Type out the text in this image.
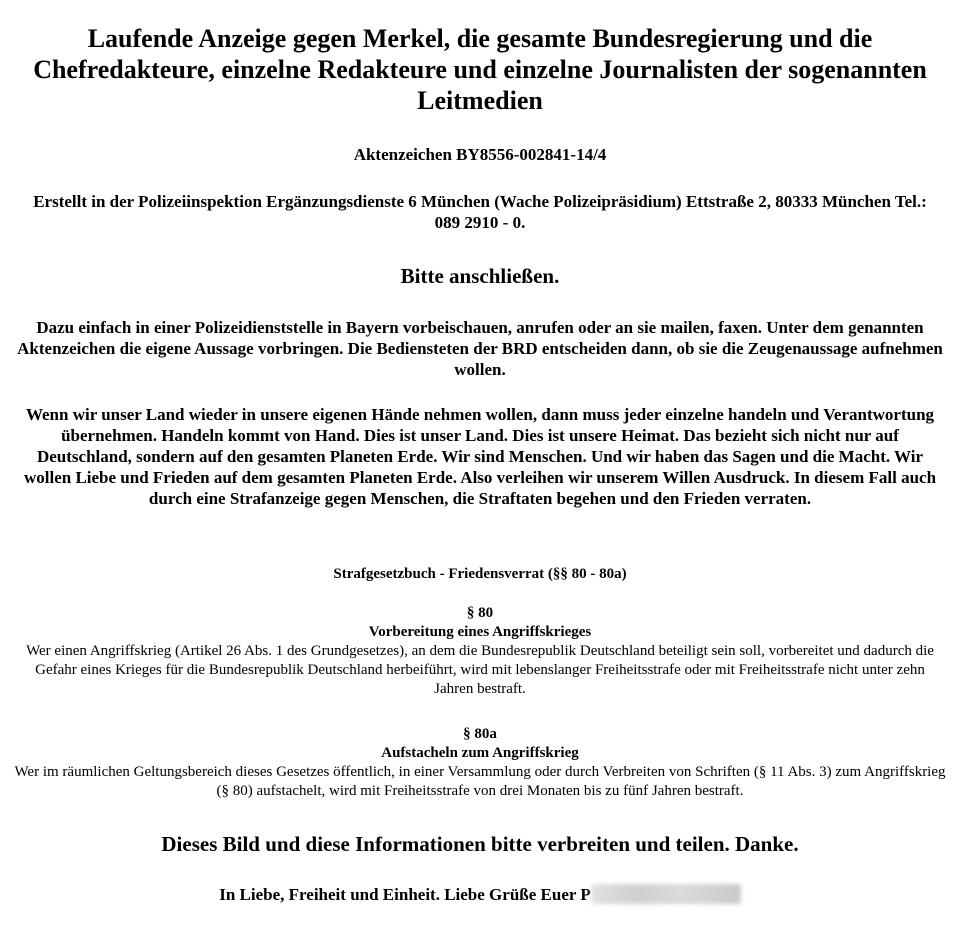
Laufende Anzeige gegen Merkel, die gesamte Bundesregierung und die Chefredakteure, einzelne Redakteure und einzelne Journalisten der sogenannten Leitmedien
Aktenzeichen BY8556-002841-14/4
Erstellt in der Polizeiinspektion Ergänzungsdienste 6 München (Wache Polizeipräsidium) Ettstraße 2, 80333 München Tel.: 089 2910 - 0.
Bitte anschließen.
Dazu einfach in einer Polizeidienststelle in Bayern vorbeischauen, anrufen oder an sie mailen, faxen. Unter dem genannten Aktenzeichen die eigene Aussage vorbringen. Die Bediensteten der BRD entscheiden dann, ob sie die Zeugenaussage aufnehmen wollen.
Wenn wir unser Land wieder in unsere eigenen Hände nehmen wollen, dann muss jeder einzelne handeln und Verantwortung übernehmen. Handeln kommt von Hand. Dies ist unser Land. Dies ist unsere Heimat. Das bezieht sich nicht nur auf Deutschland, sondern auf den gesamten Planeten Erde. Wir sind Menschen. Und wir haben das Sagen und die Macht. Wir wollen Liebe und Frieden auf dem gesamten Planeten Erde. Also verleihen wir unserem Willen Ausdruck. In diesem Fall auch durch eine Strafanzeige gegen Menschen, die Straftaten begehen und den Frieden verraten.
Strafgesetzbuch - Friedensverrat (§§ 80 - 80a)
§ 80
Vorbereitung eines Angriffskrieges
Wer einen Angriffskrieg (Artikel 26 Abs. 1 des Grundgesetzes), an dem die Bundesrepublik Deutschland beteiligt sein soll, vorbereitet und dadurch die Gefahr eines Krieges für die Bundesrepublik Deutschland herbeiführt, wird mit lebenslanger Freiheitsstrafe oder mit Freiheitsstrafe nicht unter zehn Jahren bestraft.
§ 80a
Aufstacheln zum Angriffskrieg
Wer im räumlichen Geltungsbereich dieses Gesetzes öffentlich, in einer Versammlung oder durch Verbreiten von Schriften (§ 11 Abs. 3) zum Angriffskrieg (§ 80) aufstachelt, wird mit Freiheitsstrafe von drei Monaten bis zu fünf Jahren bestraft.
Dieses Bild und diese Informationen bitte verbreiten und teilen. Danke.
In Liebe, Freiheit und Einheit. Liebe Grüße Euer P
